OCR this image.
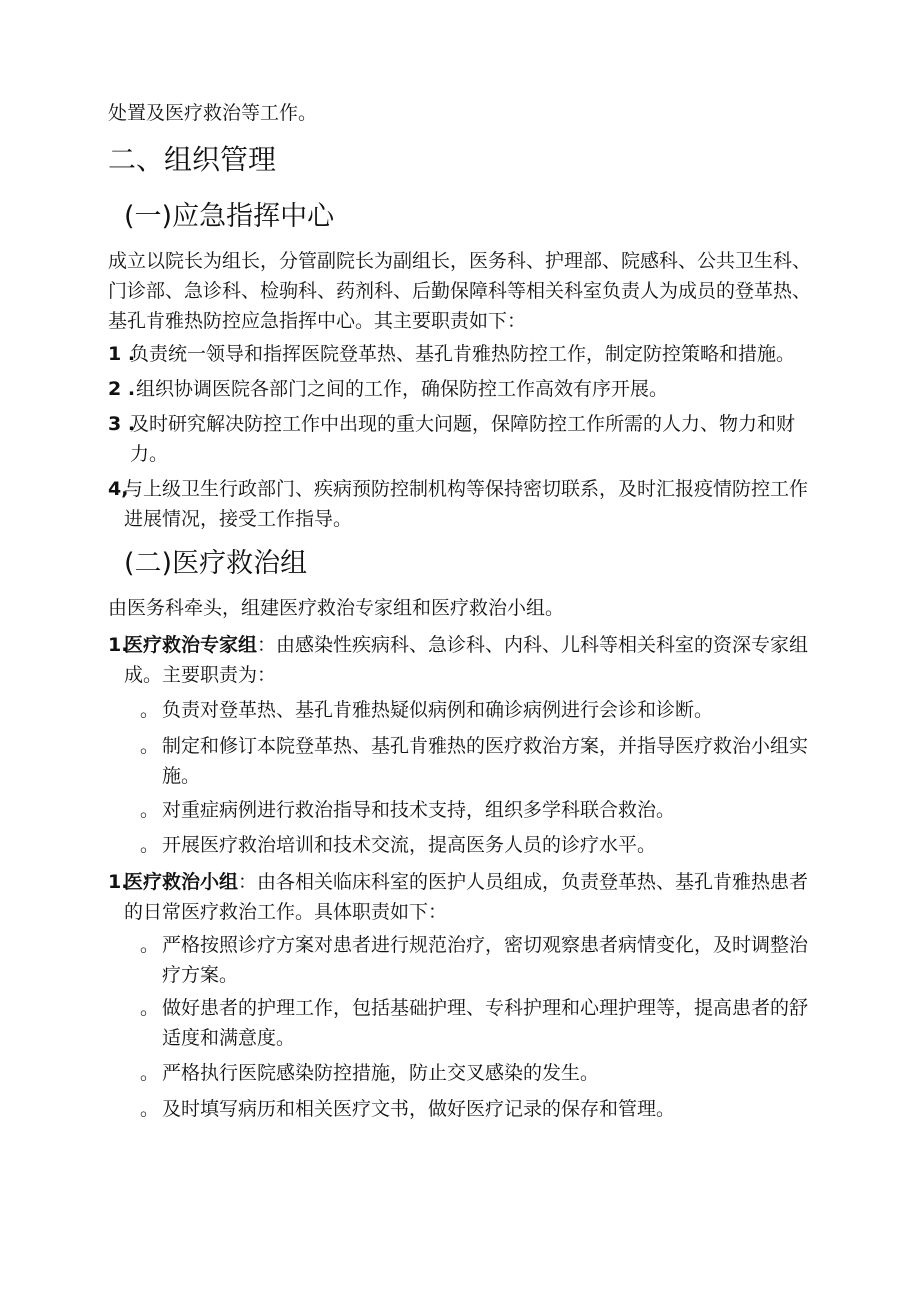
处置及医疗救治等工作。

二、组织管理
(一)应急指挥中心

成立以院长为组长，分管副院长为副组长，医务科、护理部、院感科、公共卫生科、门诊部、急诊科、检驹科、药剂科、后勤保障科等相关科室负责人为成员的登革热、基孔肯雅热防控应急指挥中心。其主要职责如下：

1 .
负责统一领导和指挥医院登革热、基孔肯雅热防控工作，制定防控策略和措施。
2 . 组织协调医院各部门之间的工作，确保防控工作高效有序开展。
3 .
及时研究解决防控工作中出现的重大问题，保障防控工作所需的人力、物力和财力。
4,
与上级卫生行政部门、疾病预防控制机构等保持密切联系，及时汇报疫情防控工作进展情况，接受工作指导。
(二)医疗救治组

由医务科牵头，组建医疗救治专家组和医疗救治小组。

1.
医疗救治专家组：由感染性疾病科、急诊科、内科、儿科等相关科室的资深专家组成。主要职责为：
。 负责对登革热、基孔肯雅热疑似病例和确诊病例进行会诊和诊断。
。 制定和修订本院登革热、基孔肯雅热的医疗救治方案，并指导医疗救治小组实施。
。 对重症病例进行救治指导和技术支持，组织多学科联合救治。
。 开展医疗救治培训和技术交流，提高医务人员的诊疗水平。
1.
医疗救治小组：由各相关临床科室的医护人员组成，负责登革热、基孔肯雅热患者的日常医疗救治工作。具体职责如下：
。 严格按照诊疗方案对患者进行规范治疗，密切观察患者病情变化，及时调整治疗方案。
。 做好患者的护理工作，包括基础护理、专科护理和心理护理等，提高患者的舒适度和满意度。
。 严格执行医院感染防控措施，防止交叉感染的发生。
。 及时填写病历和相关医疗文书，做好医疗记录的保存和管理。
